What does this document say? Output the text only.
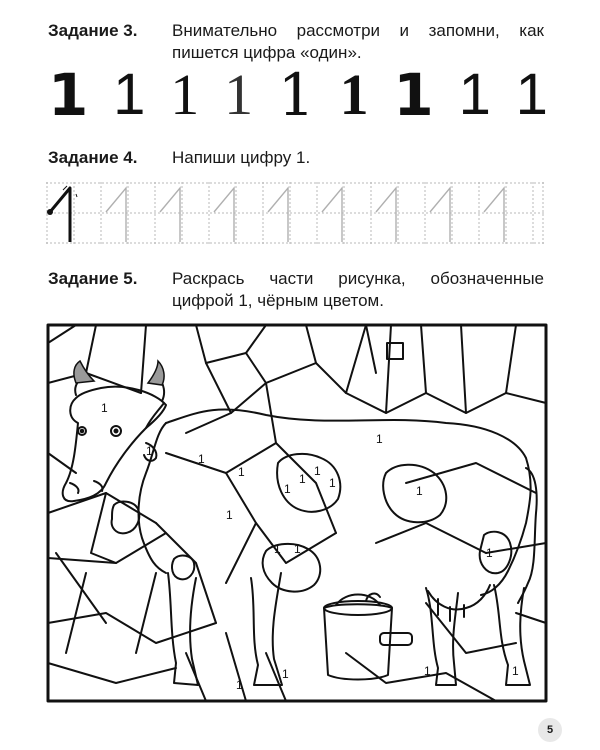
Задание 3. Внимательно рассмотри и запомни, как
пишется цифра «один».
1 1 1 1 1 1 1 1 1
Задание 4. Напиши цифру 1.
Задание 5. Раскрась части рисунка, обозначенные
цифрой 1, чёрным цветом.
1
1
1
1
1
1
1
1
1
1
1
1 1	1
1
1	1	1
5
